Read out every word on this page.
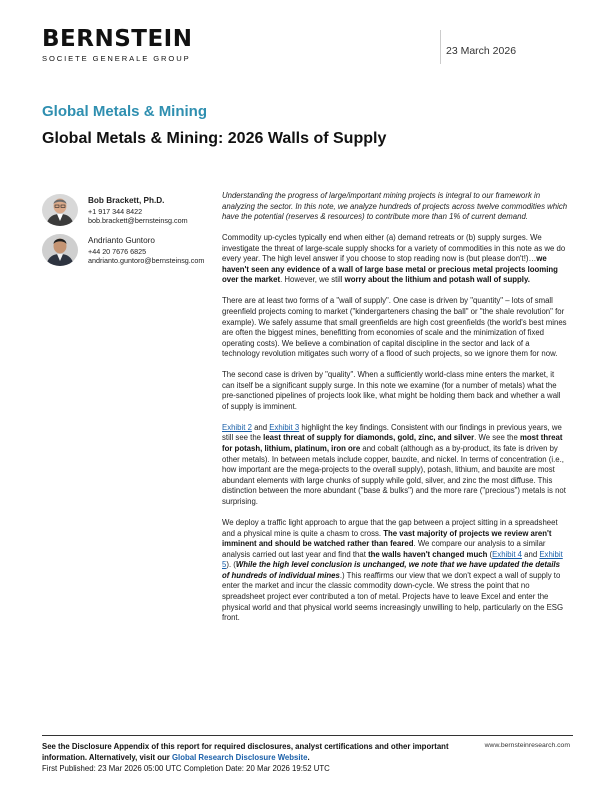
BERNSTEIN
SOCIETE GENERALE GROUP
23 March 2026
Global Metals & Mining
Global Metals & Mining: 2026 Walls of Supply
Bob Brackett, Ph.D.
+1 917 344 8422
bob.brackett@bernsteinsg.com
Andrianto Guntoro
+44 20 7676 6825
andrianto.guntoro@bernsteinsg.com

Understanding the progress of large/important mining projects is integral to our framework in analyzing the sector. In this note, we analyze hundreds of projects across twelve commodities which have the potential (reserves & resources) to contribute more than 1% of current demand.

Commodity up-cycles typically end when either (a) demand retreats or (b) supply surges. We investigate the threat of large-scale supply shocks for a variety of commodities in this note as we do every year. The high level answer if you choose to stop reading now is (but please don't!)…we haven't seen any evidence of a wall of large base metal or precious metal projects looming over the market. However, we still worry about the lithium and potash wall of supply.

There are at least two forms of a "wall of supply". One case is driven by "quantity" – lots of small greenfield projects coming to market ("kindergarteners chasing the ball" or "the shale revolution" for example). We safely assume that small greenfields are high cost greenfields (the world's best mines are often the biggest mines, benefitting from economies of scale and the minimization of fixed operating costs). We believe a combination of capital discipline in the sector and lack of a technology revolution mitigates such worry of a flood of such projects, so we ignore them for now.

The second case is driven by "quality". When a sufficiently world-class mine enters the market, it can itself be a significant supply surge. In this note we examine (for a number of metals) what the pre-sanctioned pipelines of projects look like, what might be holding them back and whether a wall of supply is imminent.

Exhibit 2 and Exhibit 3 highlight the key findings. Consistent with our findings in previous years, we still see the least threat of supply for diamonds, gold, zinc, and silver. We see the most threat for potash, lithium, platinum, iron ore and cobalt (although as a by-product, its fate is driven by other metals). In between metals include copper, bauxite, and nickel. In terms of concentration (i.e., how important are the mega-projects to the overall supply), potash, lithium, and bauxite are most abundant elements with large chunks of supply while gold, silver, and zinc the most diffuse. This distinction between the more abundant ("base & bulks") and the more rare ("precious") metals is not surprising.

We deploy a traffic light approach to argue that the gap between a project sitting in a spreadsheet and a physical mine is quite a chasm to cross. The vast majority of projects we review aren't imminent and should be watched rather than feared. We compare our analysis to a similar analysis carried out last year and find that the walls haven't changed much (Exhibit 4 and Exhibit 5). (While the high level conclusion is unchanged, we note that we have updated the details of hundreds of individual mines.) This reaffirms our view that we don't expect a wall of supply to enter the market and incur the classic commodity down-cycle. We stress the point that no spreadsheet project ever contributed a ton of metal. Projects have to leave Excel and enter the physical world and that physical world seems increasingly unwilling to help, particularly on the ESG front.

See the Disclosure Appendix of this report for required disclosures, analyst certifications and other important information. Alternatively, visit our Global Research Disclosure Website.
First Published: 23 Mar 2026 05:00 UTC Completion Date: 20 Mar 2026 19:52 UTC
www.bernsteinresearch.com
